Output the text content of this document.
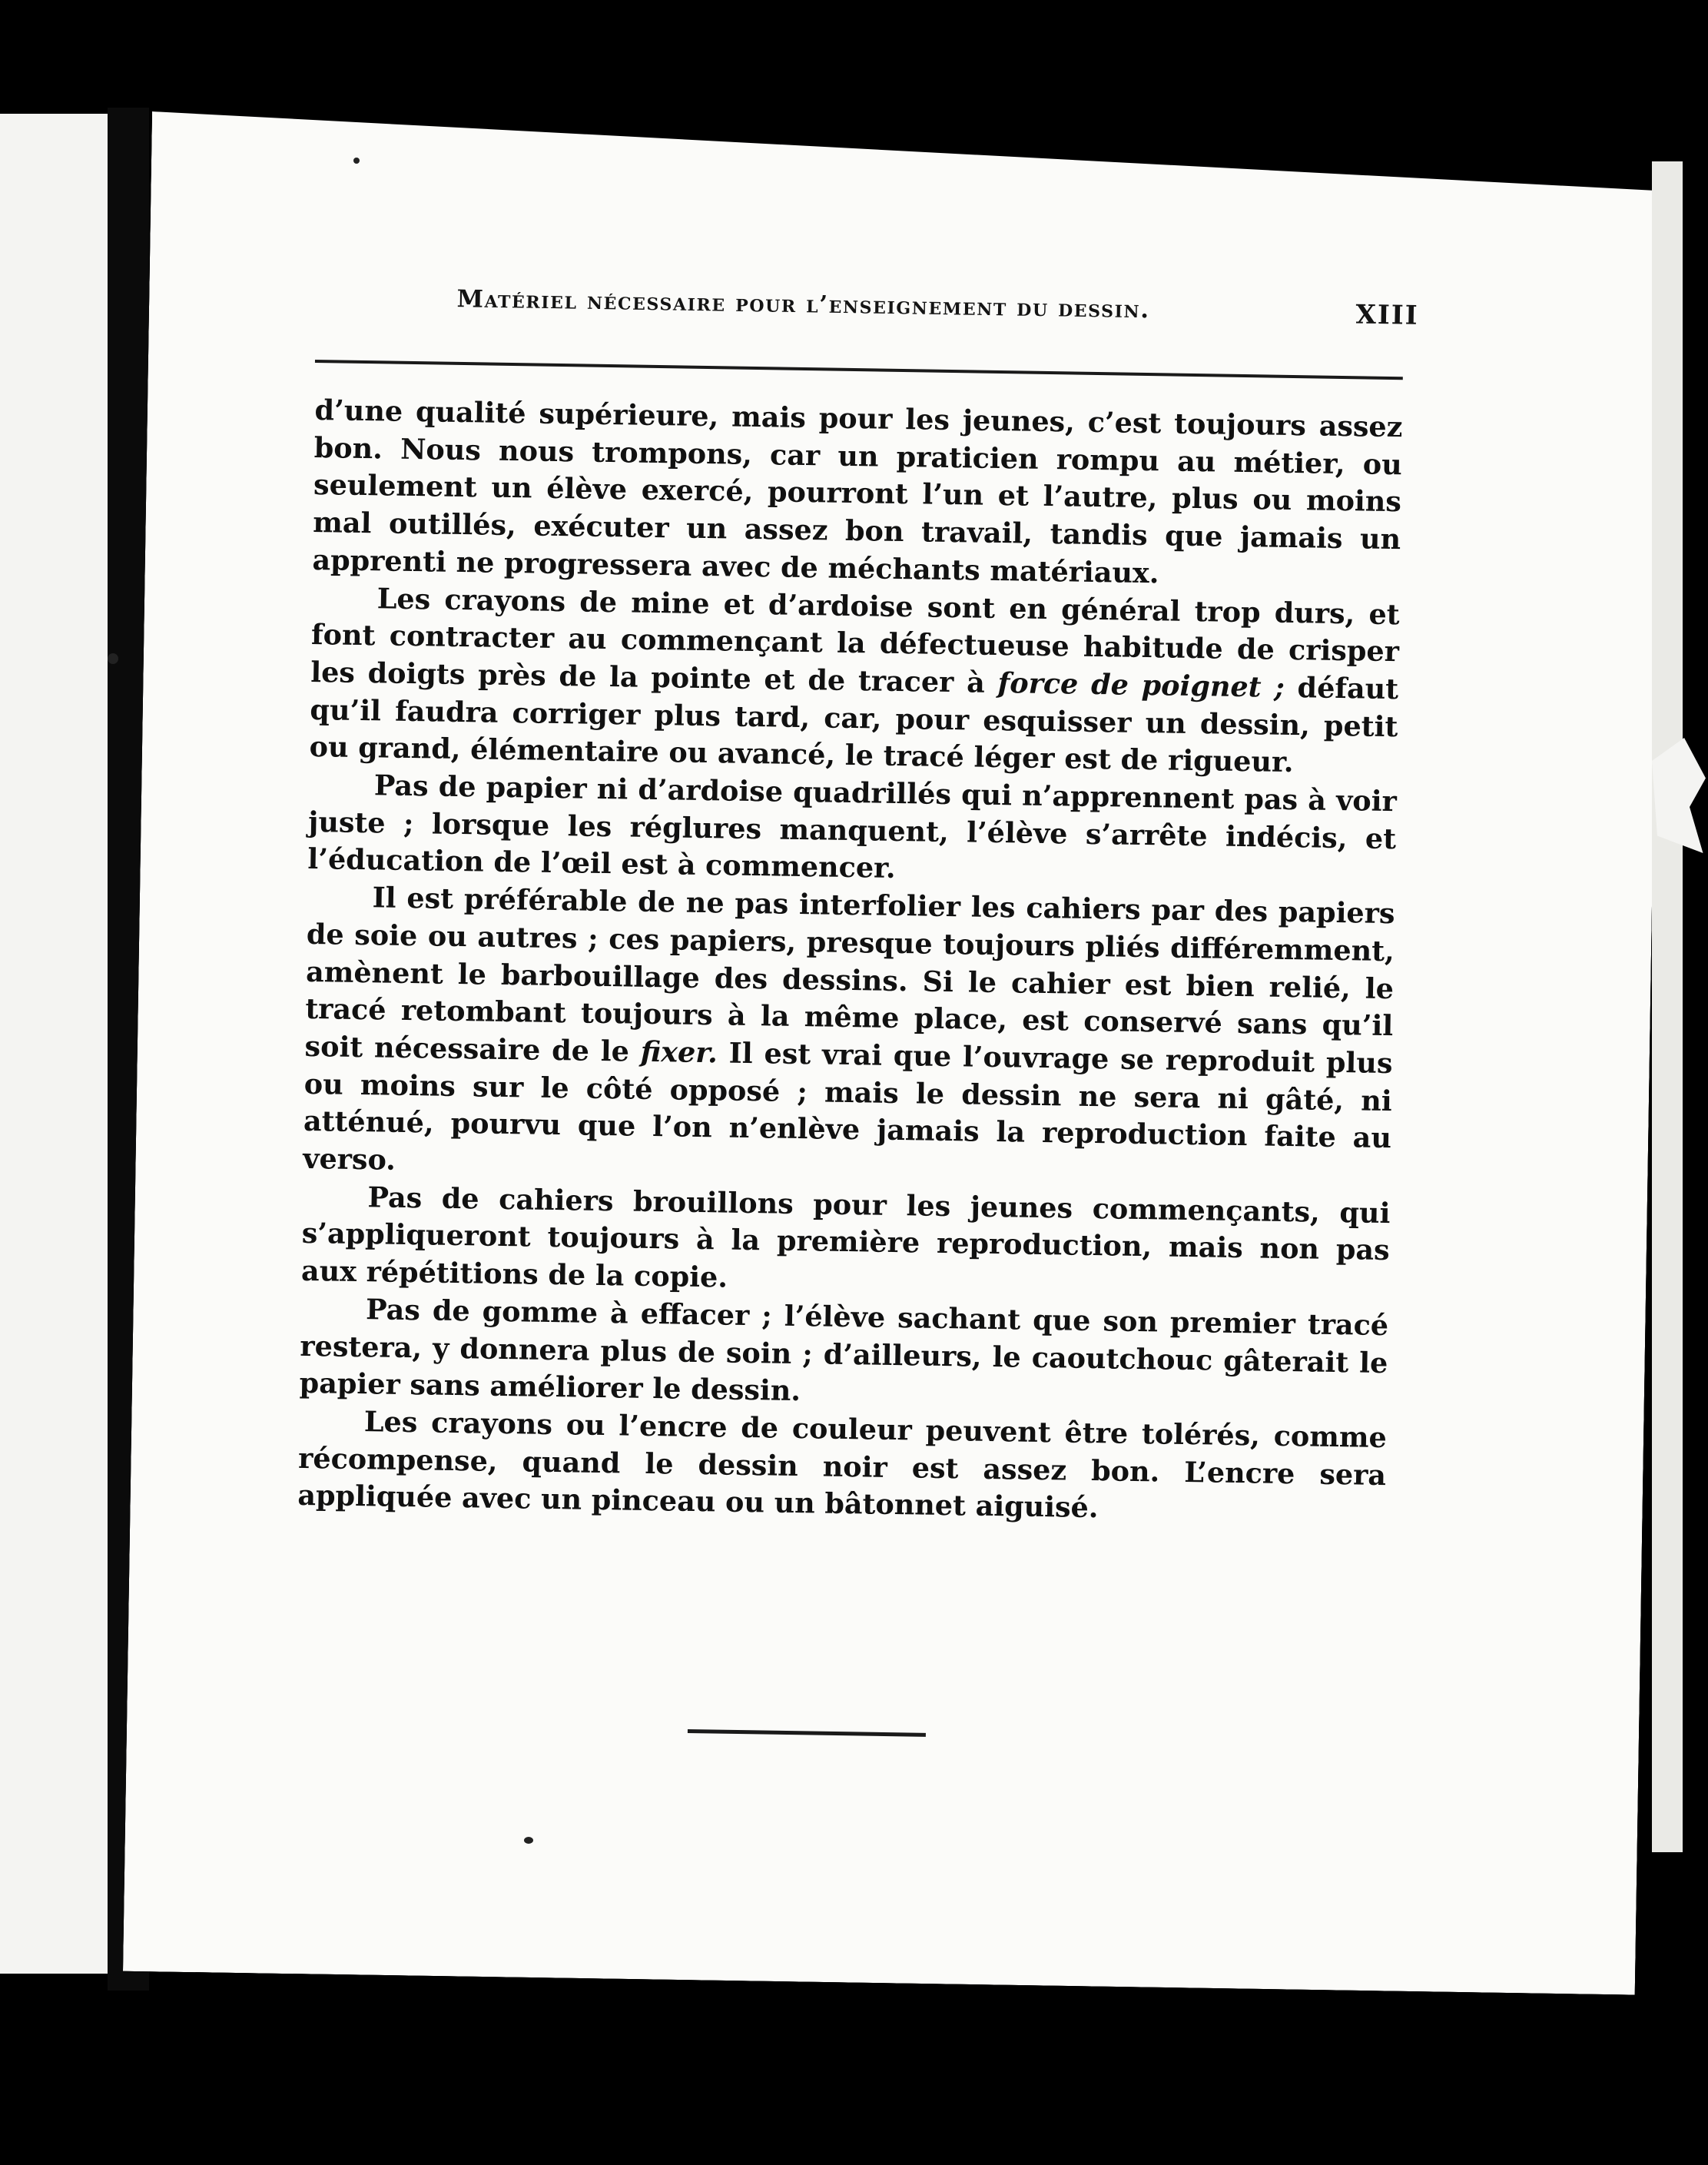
Matériel nécessaire pour l’enseignement du dessin.	XIII

d’une qualité supérieure, mais pour les jeunes, c’est toujours assez bon. Nous nous trompons, car un praticien rompu au métier, ou seulement un élève exercé, pourront l’un et l’autre, plus ou moins mal outillés, exécuter un assez bon travail, tandis que jamais un apprenti ne progressera avec de méchants matériaux.

Les crayons de mine et d’ardoise sont en général trop durs, et font contracter au commençant la défectueuse habitude de crisper les doigts près de la pointe et de tracer à force de poignet ; défaut qu’il faudra corriger plus tard, car, pour esquisser un dessin, petit ou grand, élémentaire ou avancé, le tracé léger est de rigueur.

Pas de papier ni d’ardoise quadrillés qui n’apprennent pas à voir juste ; lorsque les réglures manquent, l’élève s’arrête indécis, et l’éducation de l’œil est à commencer.

Il est préférable de ne pas interfolier les cahiers par des papiers de soie ou autres ; ces papiers, presque toujours pliés différemment, amènent le barbouillage des dessins. Si le cahier est bien relié, le tracé retombant toujours à la même place, est conservé sans qu’il soit nécessaire de le fixer. Il est vrai que l’ouvrage se reproduit plus ou moins sur le côté opposé ; mais le dessin ne sera ni gâté, ni atténué, pourvu que l’on n’enlève jamais la reproduction faite au verso.

Pas de cahiers brouillons pour les jeunes commençants, qui s’appliqueront toujours à la première reproduction, mais non pas aux répétitions de la copie.

Pas de gomme à effacer ; l’élève sachant que son premier tracé restera, y donnera plus de soin ; d’ailleurs, le caoutchouc gâterait le papier sans améliorer le dessin.

Les crayons ou l’encre de couleur peuvent être tolérés, comme récompense, quand le dessin noir est assez bon. L’encre sera appliquée avec un pinceau ou un bâtonnet aiguisé.
